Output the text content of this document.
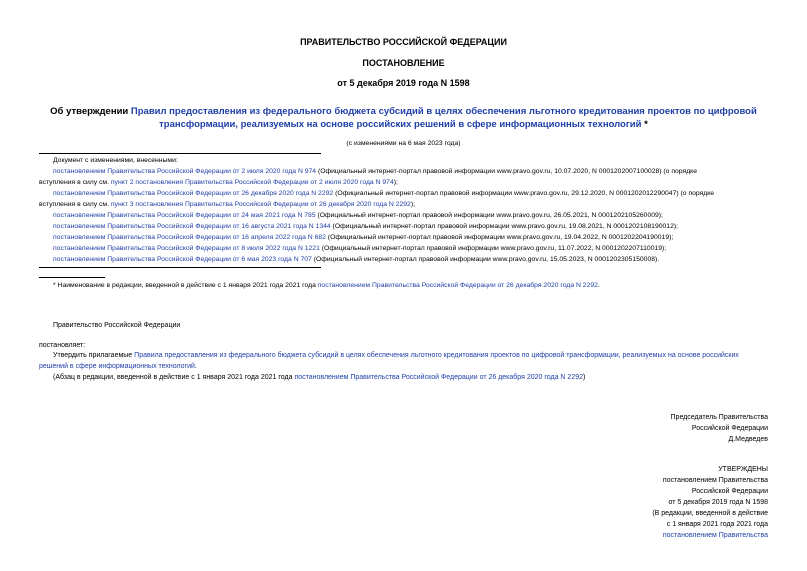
ПРАВИТЕЛЬСТВО РОССИЙСКОЙ ФЕДЕРАЦИИ
ПОСТАНОВЛЕНИЕ
от 5 декабря 2019 года N 1598
Об утверждении Правил предоставления из федерального бюджета субсидий в целях обеспечения льготного кредитования проектов по цифровой
трансформации, реализуемых на основе российских решений в сфере информационных технологий *
(с изменениями на 6 мая 2023 года)
Документ с изменениями, внесенными:
постановлением Правительства Российской Федерации от 2 июля 2020 года N 974 (Официальный интернет-портал правовой информации www.pravo.gov.ru, 10.07.2020, N 0001202007100028) (о порядке
вступления в силу см. пункт 2 постановления Правительства Российской Федерации от 2 июля 2020 года N 974);
постановлением Правительства Российской Федерации от 26 декабря 2020 года N 2292 (Официальный интернет-портал правовой информации www.pravo.gov.ru, 29.12.2020, N 0001202012290047) (о порядке
вступления в силу см. пункт 3 постановления Правительства Российской Федерации от 26 декабря 2020 года N 2292);
постановлением Правительства Российской Федерации от 24 мая 2021 года N 785 (Официальный интернет-портал правовой информации www.pravo.gov.ru, 26.05.2021, N 0001202105260009);
постановлением Правительства Российской Федерации от 16 августа 2021 года N 1344 (Официальный интернет-портал правовой информации www.pravo.gov.ru, 19.08.2021, N 0001202108190012);
постановлением Правительства Российской Федерации от 16 апреля 2022 года N 682 (Официальный интернет-портал правовой информации www.pravo.gov.ru, 19.04.2022, N 0001202204190019);
постановлением Правительства Российской Федерации от 8 июля 2022 года N 1221 (Официальный интернет-портал правовой информации www.pravo.gov.ru, 11.07.2022, N 0001202207110019);
постановлением Правительства Российской Федерации от 6 мая 2023 года N 707 (Официальный интернет-портал правовой информации www.pravo.gov.ru, 15.05.2023, N 0001202305150008).
* Наименование в редакции, введенной в действие с 1 января 2021 года 2021 года постановлением Правительства Российской Федерации от 26 декабря 2020 года N 2292.
Правительство Российской Федерации
постановляет:
Утвердить прилагаемые Правила предоставления из федерального бюджета субсидий в целях обеспечения льготного кредитования проектов по цифровой трансформации, реализуемых на основе российских
решений в сфере информационных технологий.
(Абзац в редакции, введенной в действие с 1 января 2021 года 2021 года постановлением Правительства Российской Федерации от 26 декабря 2020 года N 2292)
Председатель Правительства
Российской Федерации
Д.Медведев
УТВЕРЖДЕНЫ
постановлением Правительства
Российской Федерации
от 5 декабря 2019 года N 1598
(В редакции, введенной в действие
с 1 января 2021 года 2021 года
постановлением Правительства
